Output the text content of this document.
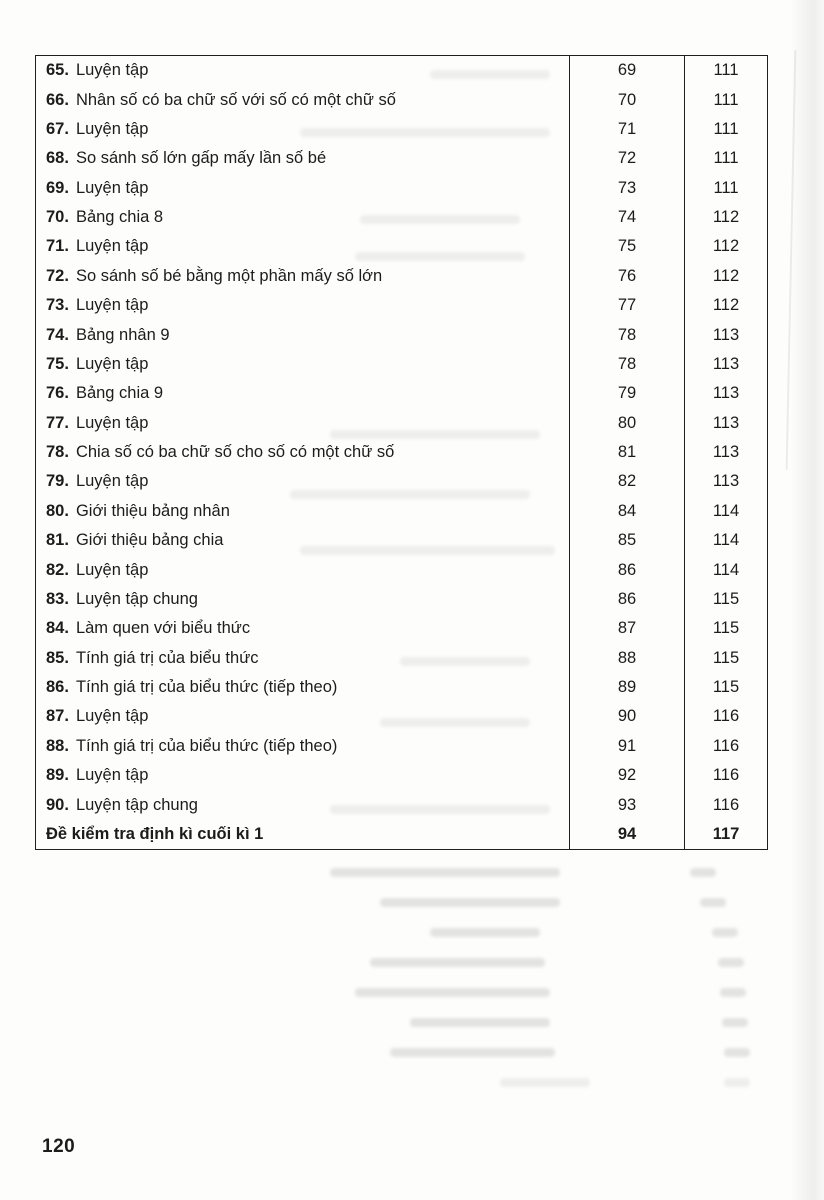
65. Luyện tập	69	111
66. Nhân số có ba chữ số với số có một chữ số	70	111
67. Luyện tập	71	111
68. So sánh số lớn gấp mấy lần số bé	72	111
69. Luyện tập	73	111
70. Bảng chia 8	74	112
71. Luyện tập	75	112
72. So sánh số bé bằng một phần mấy số lớn	76	112
73. Luyện tập	77	112
74. Bảng nhân 9	78	113
75. Luyện tập	78	113
76. Bảng chia 9	79	113
77. Luyện tập	80	113
78. Chia số có ba chữ số cho số có một chữ số	81	113
79. Luyện tập	82	113
80. Giới thiệu bảng nhân	84	114
81. Giới thiệu bảng chia	85	114
82. Luyện tập	86	114
83. Luyện tập chung	86	115
84. Làm quen với biểu thức	87	115
85. Tính giá trị của biểu thức	88	115
86. Tính giá trị của biểu thức (tiếp theo)	89	115
87. Luyện tập	90	116
88. Tính giá trị của biểu thức (tiếp theo)	91	116
89. Luyện tập	92	116
90. Luyện tập chung	93	116
Đề kiểm tra định kì cuối kì 1	94	117
120
